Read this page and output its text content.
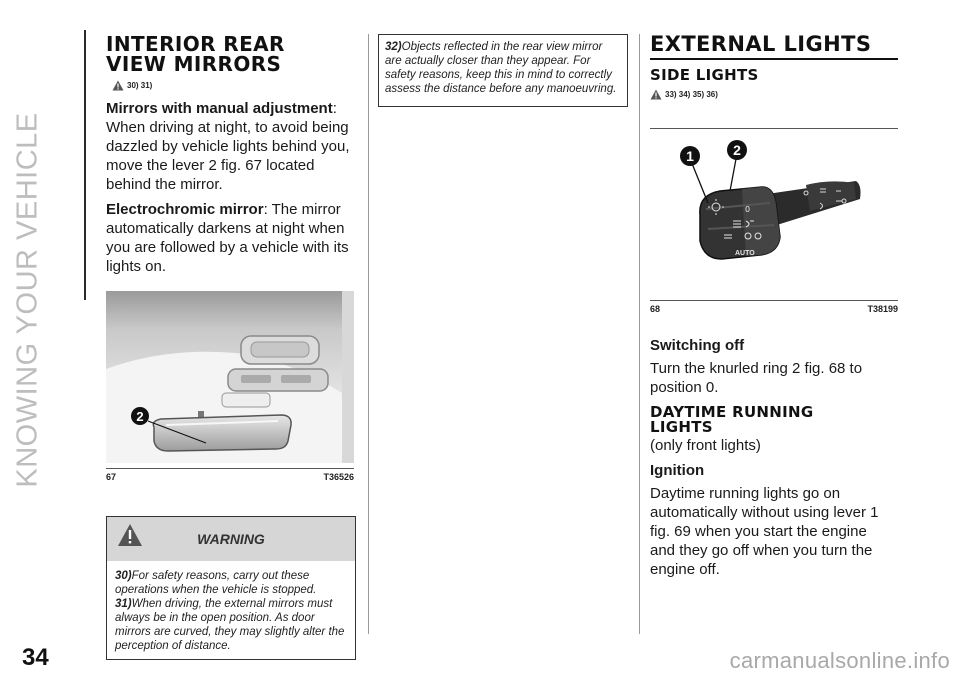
KNOWING YOUR VEHICLE
34	carmanualsonline.info
INTERIOR REAR VIEW MIRRORS
30) 31)

Mirrors with manual adjustment: When driving at night, to avoid being dazzled by vehicle lights behind you, move the lever 2 fig. 67 located behind the mirror.

Electrochromic mirror: The mirror automatically darkens at night when you are followed by a vehicle with its lights on.

2
67	T36526
WARNING

30)For safety reasons, carry out these operations when the vehicle is stopped.

31)When driving, the external mirrors must always be in the open position. As door mirrors are curved, they may slightly alter the perception of distance.

32)Objects reflected in the rear view mirror are actually closer than they appear. For safety reasons, keep this in mind to correctly assess the distance before any manoeuvring.

EXTERNAL LIGHTS
SIDE LIGHTS
33) 34) 35) 36)
0
AUTO
1	2
68	T38199
Switching off

Turn the knurled ring 2 fig. 68 to position 0.

DAYTIME RUNNING LIGHTS

(only front lights)

Ignition

Daytime running lights go on automatically without using lever 1 fig. 69 when you start the engine and they go off when you turn the engine off.
